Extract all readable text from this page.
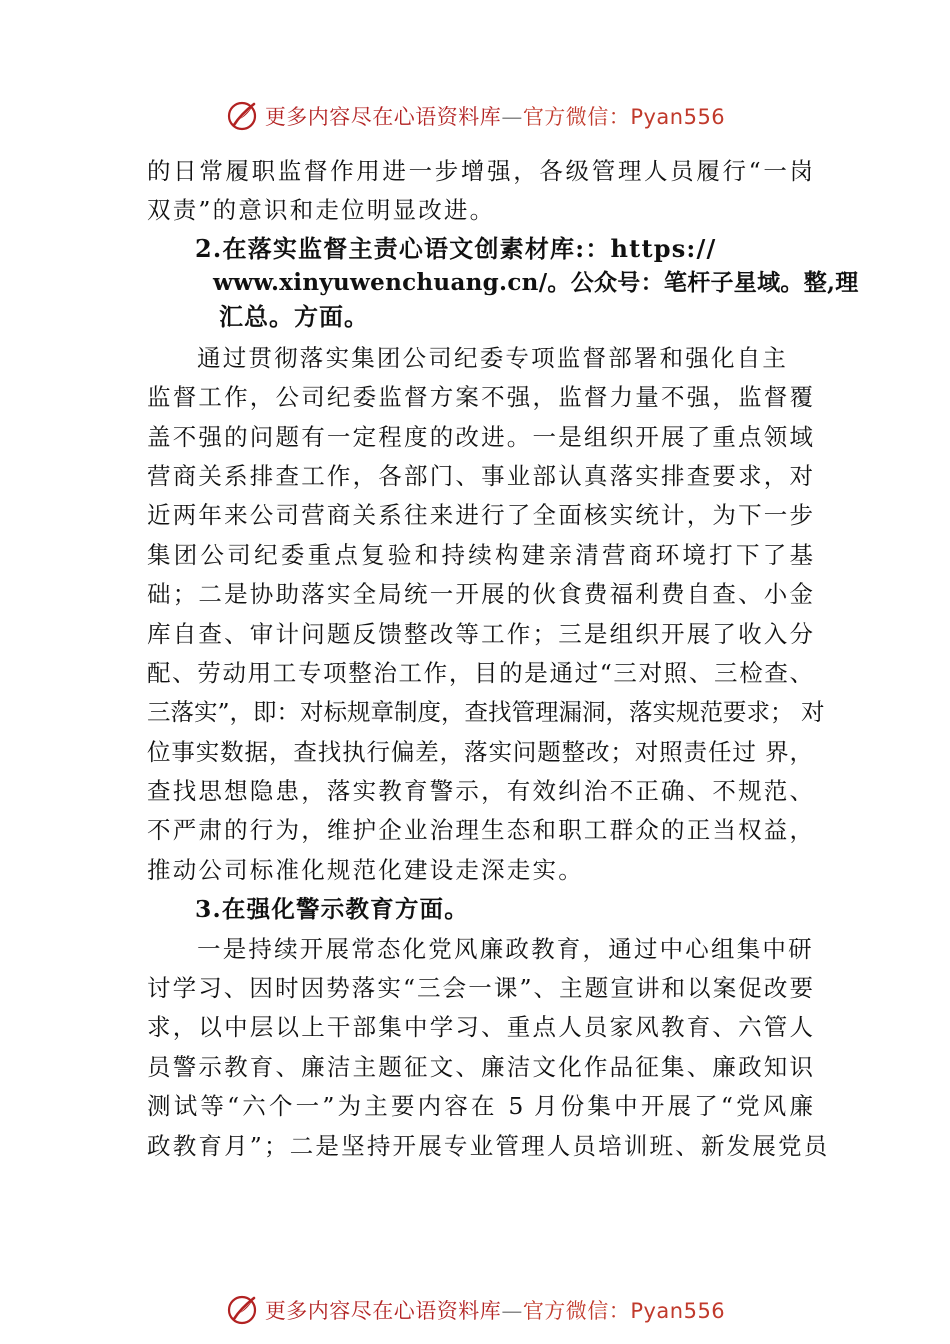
更多内容尽在心语资料库—官方微信：Pyan556
的日常履职监督作用进一步增强，各级管理人员履行“一岗
双责”的意识和走位明显改进。
2.在落实监督主责心语文创素材库:：https://
www.xinyuwenchuang.cn/。公众号：笔杆子星域。整,理
汇总。方面。
通过贯彻落实集团公司纪委专项监督部署和强化自主
监督工作，公司纪委监督方案不强，监督力量不强，监督覆
盖不强的问题有一定程度的改进。一是组织开展了重点领域
营商关系排查工作，各部门、事业部认真落实排查要求，对
近两年来公司营商关系往来进行了全面核实统计，为下一步
集团公司纪委重点复验和持续构建亲清营商环境打下了基
础；二是协助落实全局统一开展的伙食费福利费自查、小金
库自查、审计问题反馈整改等工作；三是组织开展了收入分
配、劳动用工专项整治工作，目的是通过“三对照、三检查、
三落实”，即：对标规章制度，查找管理漏洞，落实规范要求； 对
位事实数据，查找执行偏差，落实问题整改；对照责任过 界，
查找思想隐患，落实教育警示，有效纠治不正确、不规范、
不严肃的行为，维护企业治理生态和职工群众的正当权益，
推动公司标准化规范化建设走深走实。
3.在强化警示教育方面。
一是持续开展常态化党风廉政教育，通过中心组集中研
讨学习、因时因势落实“三会一课”、主题宣讲和以案促改要
求，以中层以上干部集中学习、重点人员家风教育、六管人
员警示教育、廉洁主题征文、廉洁文化作品征集、廉政知识
测试等“六个一”为主要内容在 5 月份集中开展了“党风廉
政教育月”；二是坚持开展专业管理人员培训班、新发展党员
更多内容尽在心语资料库—官方微信：Pyan556
